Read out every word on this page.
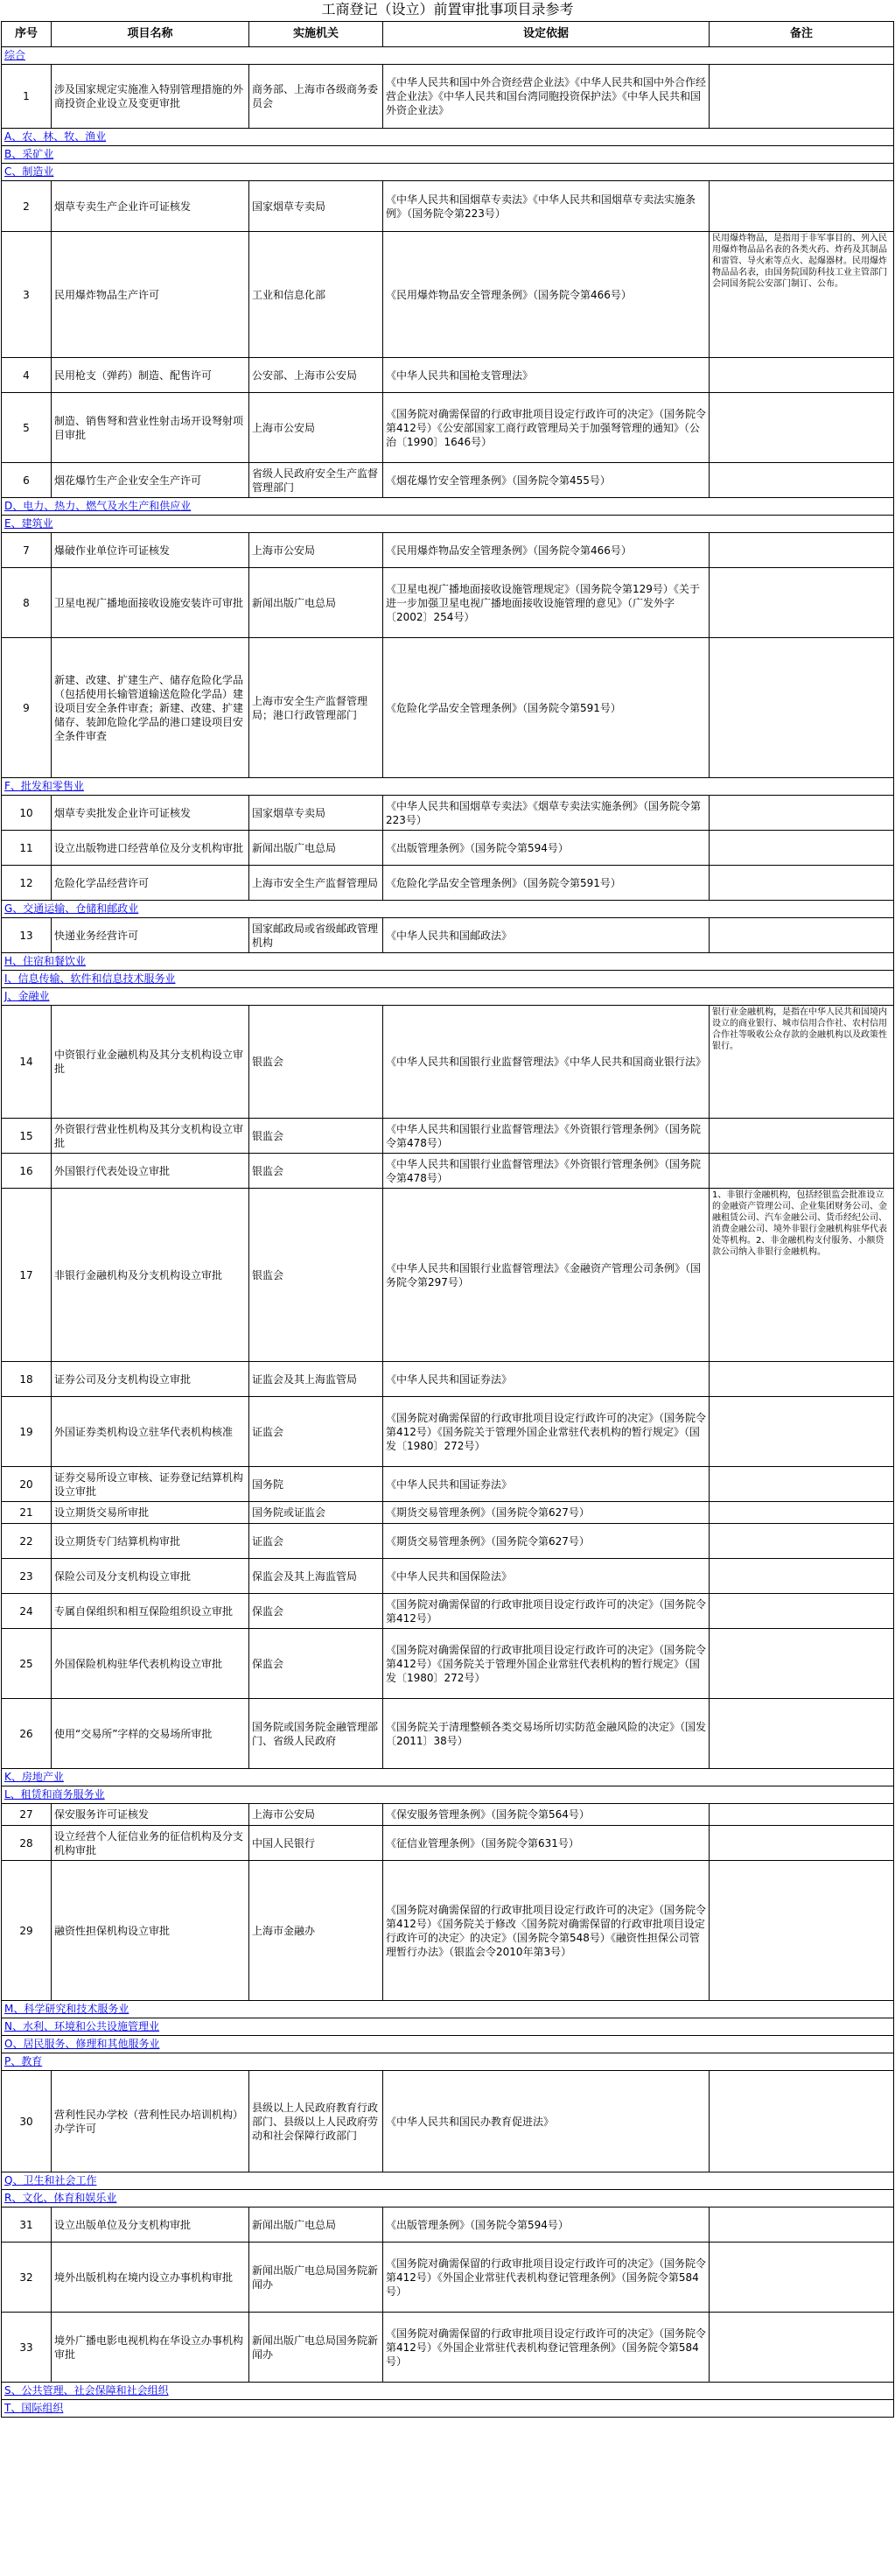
工商登记（设立）前置审批事项目录参考
序号	项目名称	实施机关	设定依据	备注
综合				
1	涉及国家规定实施准入特别管理措施的外商投资企业设立及变更审批	商务部、上海市各级商务委员会	《中华人民共和国中外合资经营企业法》《中华人民共和国中外合作经营企业法》《中华人民共和国台湾同胞投资保护法》《中华人民共和国外资企业法》	
A、农、林、牧、渔业				
B、采矿业				
C、制造业				
2	烟草专卖生产企业许可证核发	国家烟草专卖局	《中华人民共和国烟草专卖法》《中华人民共和国烟草专卖法实施条例》（国务院令第223号）	
3	民用爆炸物品生产许可	工业和信息化部	《民用爆炸物品安全管理条例》（国务院令第466号）	民用爆炸物品，是指用于非军事目的、列入民用爆炸物品品名表的各类火药、炸药及其制品和雷管、导火索等点火、起爆器材。民用爆炸物品品名表，由国务院国防科技工业主管部门会同国务院公安部门制订、公布。
4	民用枪支（弹药）制造、配售许可	公安部、上海市公安局	《中华人民共和国枪支管理法》	
5	制造、销售弩和营业性射击场开设弩射项目审批	上海市公安局	《国务院对确需保留的行政审批项目设定行政许可的决定》（国务院令第412号）《公安部国家工商行政管理局关于加强弩管理的通知》（公治〔1990〕1646号）	
6	烟花爆竹生产企业安全生产许可	省级人民政府安全生产监督管理部门	《烟花爆竹安全管理条例》（国务院令第455号）	
D、电力、热力、燃气及水生产和供应业				
E、建筑业				
7	爆破作业单位许可证核发	上海市公安局	《民用爆炸物品安全管理条例》（国务院令第466号）	
8	卫星电视广播地面接收设施安装许可审批	新闻出版广电总局	《卫星电视广播地面接收设施管理规定》（国务院令第129号）《关于进一步加强卫星电视广播地面接收设施管理的意见》（广发外字〔2002〕254号）	
9	新建、改建、扩建生产、储存危险化学品（包括使用长输管道输送危险化学品）建设项目安全条件审查；新建、改建、扩建储存、装卸危险化学品的港口建设项目安全条件审查	上海市安全生产监督管理局；港口行政管理部门	《危险化学品安全管理条例》（国务院令第591号）	
F、批发和零售业				
10	烟草专卖批发企业许可证核发	国家烟草专卖局	《中华人民共和国烟草专卖法》《烟草专卖法实施条例》（国务院令第223号）	
11	设立出版物进口经营单位及分支机构审批	新闻出版广电总局	《出版管理条例》（国务院令第594号）	
12	危险化学品经营许可	上海市安全生产监督管理局	《危险化学品安全管理条例》（国务院令第591号）	
G、交通运输、仓储和邮政业				
13	快递业务经营许可	国家邮政局或省级邮政管理机构	《中华人民共和国邮政法》	
H、住宿和餐饮业				
I、信息传输、软件和信息技术服务业				
J、金融业				
14	中资银行业金融机构及其分支机构设立审批	银监会	《中华人民共和国银行业监督管理法》《中华人民共和国商业银行法》	银行业金融机构，是指在中华人民共和国境内设立的商业银行、城市信用合作社、农村信用合作社等吸收公众存款的金融机构以及政策性银行。
15	外资银行营业性机构及其分支机构设立审批	银监会	《中华人民共和国银行业监督管理法》《外资银行管理条例》（国务院令第478号）	
16	外国银行代表处设立审批	银监会	《中华人民共和国银行业监督管理法》《外资银行管理条例》（国务院令第478号）	
17	非银行金融机构及分支机构设立审批	银监会	《中华人民共和国银行业监督管理法》《金融资产管理公司条例》（国务院令第297号）	1、非银行金融机构，包括经银监会批准设立的金融资产管理公司、企业集团财务公司、金融租赁公司、汽车金融公司、货币经纪公司、消费金融公司、境外非银行金融机构驻华代表处等机构。2、非金融机构支付服务、小额贷款公司纳入非银行金融机构。
18	证券公司及分支机构设立审批	证监会及其上海监管局	《中华人民共和国证券法》	
19	外国证券类机构设立驻华代表机构核准	证监会	《国务院对确需保留的行政审批项目设定行政许可的决定》（国务院令第412号）《国务院关于管理外国企业常驻代表机构的暂行规定》（国发〔1980〕272号）	
20	证券交易所设立审核、证券登记结算机构设立审批	国务院	《中华人民共和国证券法》	
21	设立期货交易所审批	国务院或证监会	《期货交易管理条例》（国务院令第627号）	
22	设立期货专门结算机构审批	证监会	《期货交易管理条例》（国务院令第627号）	
23	保险公司及分支机构设立审批	保监会及其上海监管局	《中华人民共和国保险法》	
24	专属自保组织和相互保险组织设立审批	保监会	《国务院对确需保留的行政审批项目设定行政许可的决定》（国务院令第412号）	
25	外国保险机构驻华代表机构设立审批	保监会	《国务院对确需保留的行政审批项目设定行政许可的决定》（国务院令第412号）《国务院关于管理外国企业常驻代表机构的暂行规定》（国发〔1980〕272号）	
26	使用“交易所”字样的交易场所审批	国务院或国务院金融管理部门、省级人民政府	《国务院关于清理整顿各类交易场所切实防范金融风险的决定》（国发〔2011〕38号）	
K、房地产业				
L、租赁和商务服务业				
27	保安服务许可证核发	上海市公安局	《保安服务管理条例》（国务院令第564号）	
28	设立经营个人征信业务的征信机构及分支机构审批	中国人民银行	《征信业管理条例》（国务院令第631号）	
29	融资性担保机构设立审批	上海市金融办	《国务院对确需保留的行政审批项目设定行政许可的决定》（国务院令第412号）《国务院关于修改〈国务院对确需保留的行政审批项目设定行政许可的决定〉的决定》（国务院令第548号）《融资性担保公司管理暂行办法》（银监会令2010年第3号）	
M、科学研究和技术服务业				
N、水利、环境和公共设施管理业				
O、居民服务、修理和其他服务业				
P、教育				
30	营利性民办学校（营利性民办培训机构）办学许可	县级以上人民政府教育行政部门、县级以上人民政府劳动和社会保障行政部门	《中华人民共和国民办教育促进法》	
Q、卫生和社会工作				
R、文化、体育和娱乐业				
31	设立出版单位及分支机构审批	新闻出版广电总局	《出版管理条例》（国务院令第594号）	
32	境外出版机构在境内设立办事机构审批	新闻出版广电总局国务院新闻办	《国务院对确需保留的行政审批项目设定行政许可的决定》（国务院令第412号）《外国企业常驻代表机构登记管理条例》（国务院令第584号）	
33	境外广播电影电视机构在华设立办事机构审批	新闻出版广电总局国务院新闻办	《国务院对确需保留的行政审批项目设定行政许可的决定》（国务院令第412号）《外国企业常驻代表机构登记管理条例》（国务院令第584号）	
S、公共管理、社会保障和社会组织				
T、国际组织				
